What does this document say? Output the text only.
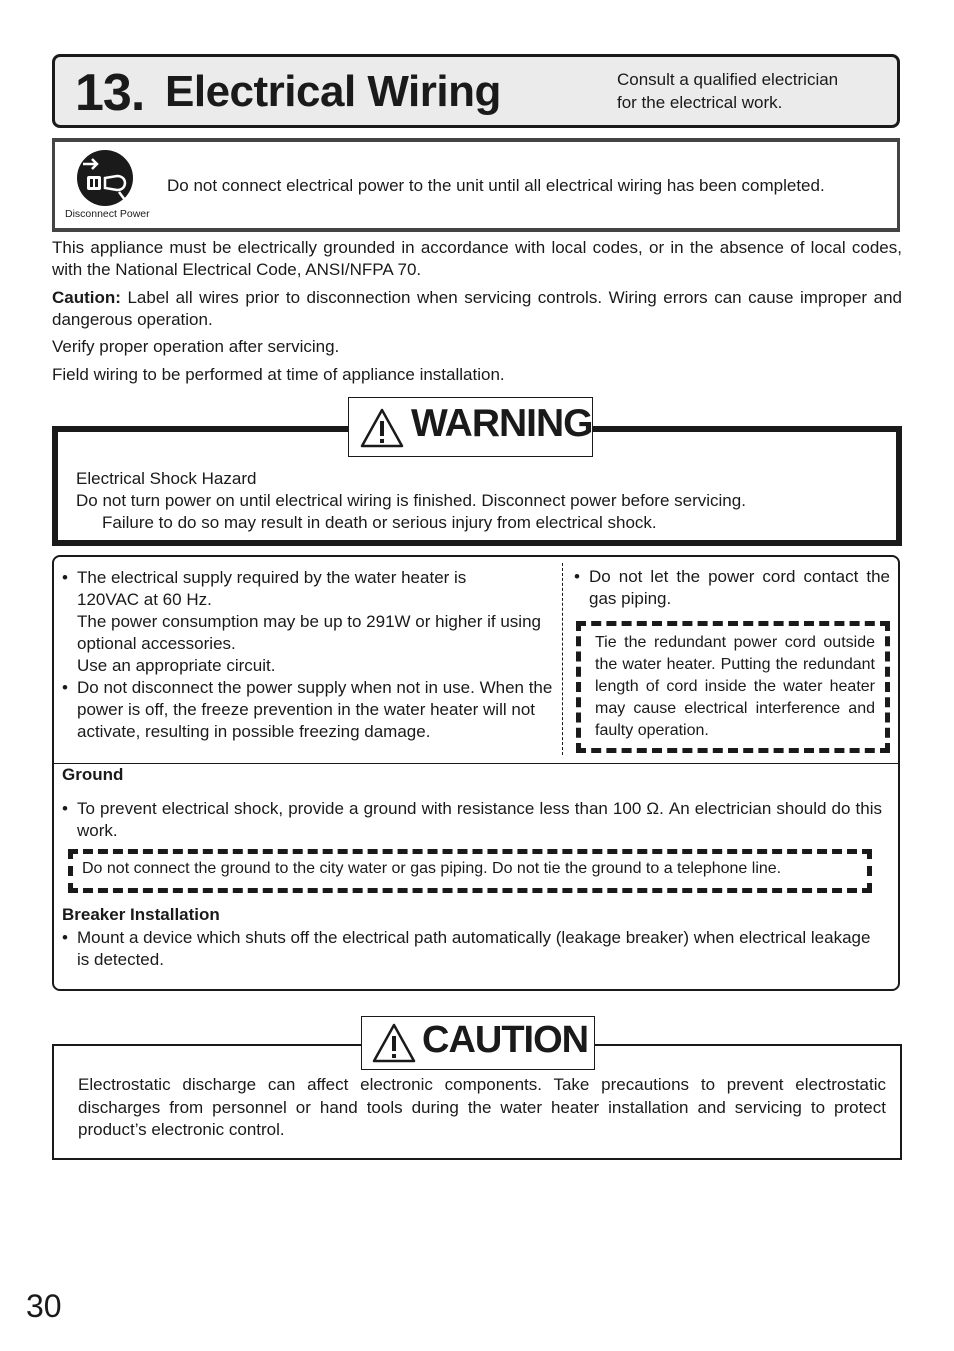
13. Electrical Wiring	Consult a qualified electrician
for the electrical work.
Disconnect Power
Do not connect electrical power to the unit until all electrical wiring has been completed.
This appliance must be electrically grounded in accordance with local codes, or in the absence of local codes, with the National Electrical Code, ANSI/NFPA 70.
Caution: Label all wires prior to disconnection when servicing controls. Wiring errors can cause improper and dangerous operation.
Verify proper operation after servicing.
Field wiring to be performed at time of appliance installation.
Electrical Shock Hazard
Do not turn power on until electrical wiring is finished. Disconnect power before servicing.
Failure to do so may result in death or serious injury from electrical shock.
WARNING
• The electrical supply required by the water heater is
120VAC at 60 Hz.
The power consumption may be up to 291W or higher if using optional accessories.
Use an appropriate circuit.
• Do not disconnect the power supply when not in use. When the power is off, the freeze prevention in the water heater will not activate, resulting in possible freezing damage.
• Do not let the power cord contact the gas piping.
Tie the redundant power cord outside the water heater. Putting the redundant length of cord inside the water heater may cause electrical interference and faulty operation.
Ground
• To prevent electrical shock, provide a ground with resistance less than 100 Ω. An electrician should do this work.
Do not connect the ground to the city water or gas piping. Do not tie the ground to a telephone line.
Breaker Installation
• Mount a device which shuts off the electrical path automatically (leakage breaker) when electrical leakage is detected.
Electrostatic discharge can affect electronic components. Take precautions to prevent electrostatic discharges from personnel or hand tools during the water heater installation and servicing to protect product’s electronic control.
CAUTION
30
